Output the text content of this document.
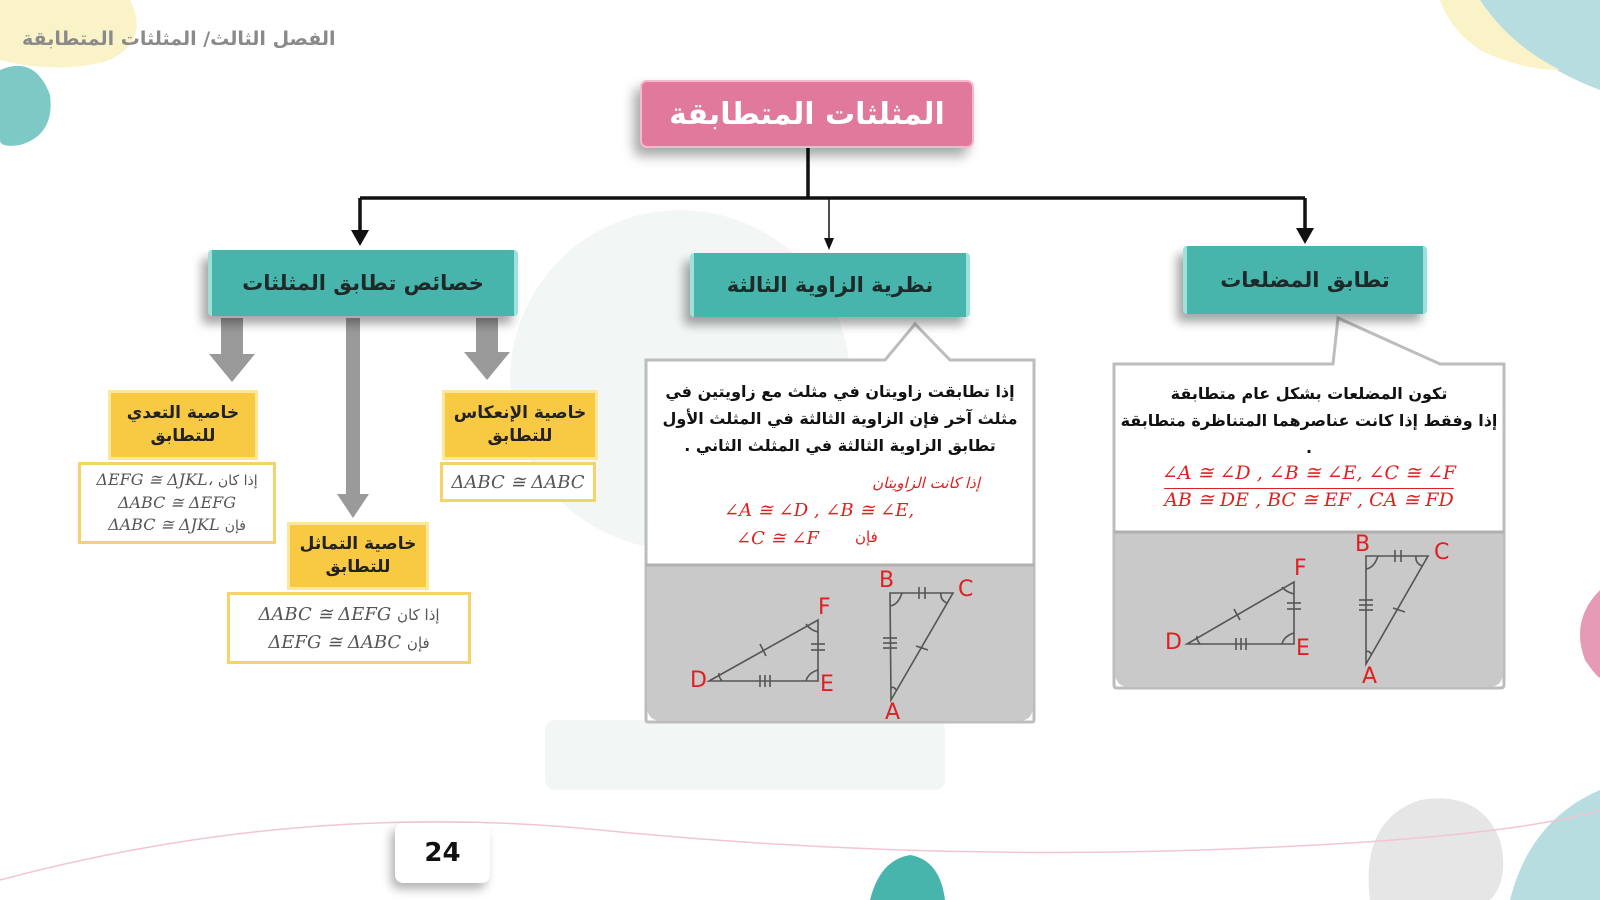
الفصل الثالث/ المثلثات المتطابقة
المثلثات المتطابقة
خصائص تطابق المثلثات	نظرية الزاوية الثالثة	تطابق المضلعات
خاصية التعدي
للتطابق
ΔEFG ≅ ΔJKL، إذا كان
ΔABC ≅ ΔEFG
ΔABC ≅ ΔJKL فإن
خاصية التماثل
للتطابق
ΔABC ≅ ΔEFG إذا كان
ΔEFG ≅ ΔABC فإن
خاصية الإنعكاس
للتطابق
ΔABC ≅ ΔABC
إذا تطابقت زاويتان في مثلث مع زاويتين في
مثلث آخر فإن الزاوية الثالثة في المثلث الأول
تطابق الزاوية الثالثة في المثلث الثاني .
إذا كانت الزاويتان
∠A ≅ ∠D , ∠B ≅ ∠E,
∠C ≅ ∠F فإن
B	C
F
D	E
A
تكون المضلعات بشكل عام متطابقة
إذا وفقط إذا كانت عناصرهما المتناظرة متطابقة .
∠A ≅ ∠D , ∠B ≅ ∠E, ∠C ≅ ∠F
AB ≅ DE , BC ≅ EF , CA ≅ FD
B	C
F
D	E
A
24
